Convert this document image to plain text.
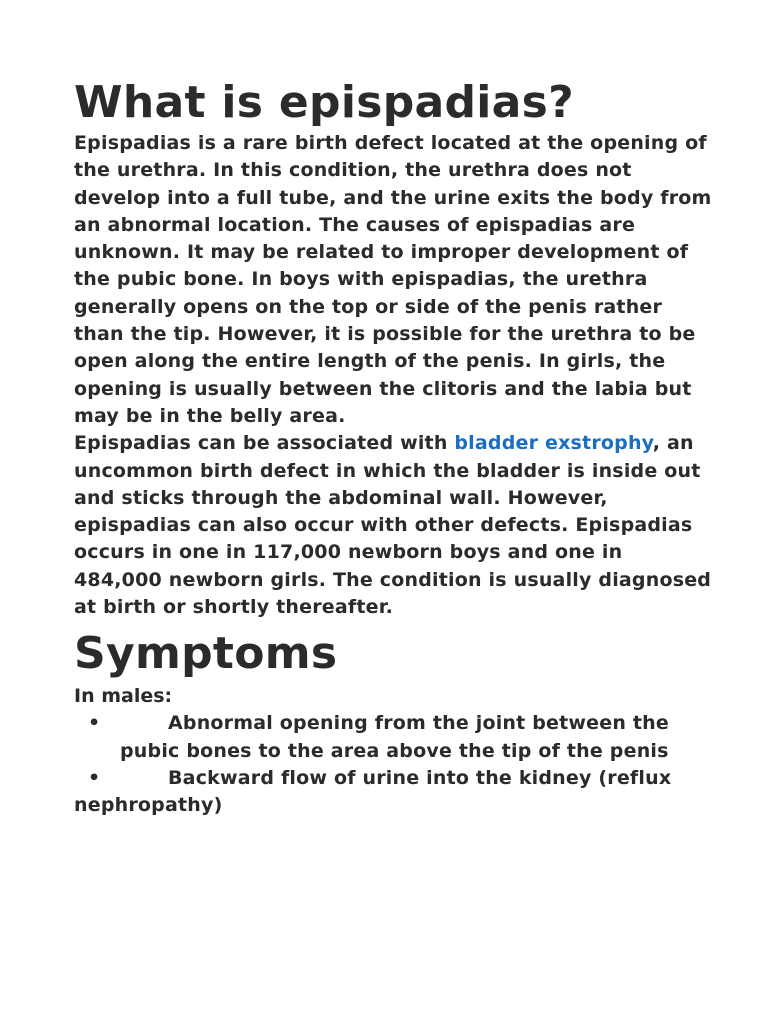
What is epispadias?

Epispadias is a rare birth defect located at the opening of the urethra. In this condition, the urethra does not develop into a full tube, and the urine exits the body from an abnormal location. The causes of epispadias are unknown. It may be related to improper development of the pubic bone. In boys with epispadias, the urethra generally opens on the top or side of the penis rather than the tip. However, it is possible for the urethra to be open along the entire length of the penis. In girls, the opening is usually between the clitoris and the labia but may be in the belly area.

Epispadias can be associated with bladder exstrophy, an uncommon birth defect in which the bladder is inside out and sticks through the abdominal wall. However, epispadias can also occur with other defects. Epispadias occurs in one in 117,000 newborn boys and one in 484,000 newborn girls. The condition is usually diagnosed at birth or shortly thereafter.

Symptoms

In males:

•	Abnormal opening from the joint between the pubic bones to the area above the tip of the penis
•	Backward flow of urine into the kidney (reflux nephropathy)
